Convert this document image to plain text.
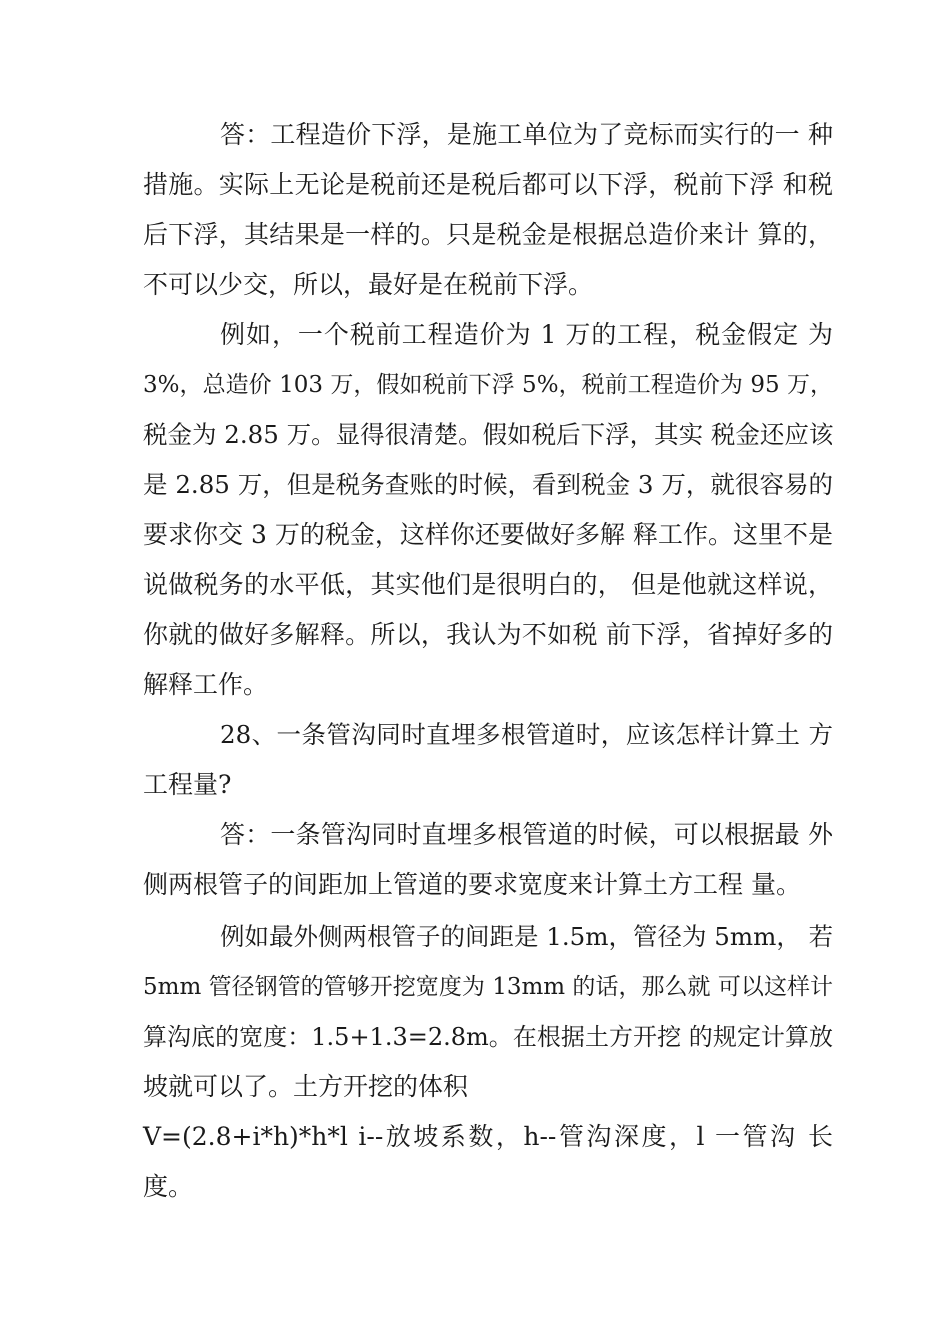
答：工程造价下浮，是施工单位为了竞标而实行的一 种
措施。实际上无论是税前还是税后都可以下浮，税前下浮 和税
后下浮，其结果是一样的。只是税金是根据总造价来计 算的，
不可以少交，所以，最好是在税前下浮。
例如，一个税前工程造价为 1 万的工程，税金假定 为
3%，总造价 103 万，假如税前下浮 5%，税前工程造价为 95 万，
税金为 2.85 万。显得很清楚。假如税后下浮，其实 税金还应该
是 2.85 万，但是税务查账的时候，看到税金 3 万，就很容易的
要求你交 3 万的税金，这样你还要做好多解 释工作。这里不是
说做税务的水平低，其实他们是很明白的， 但是他就这样说，
你就的做好多解释。所以，我认为不如税 前下浮，省掉好多的
解释工作。
28、一条管沟同时直埋多根管道时，应该怎样计算土 方
工程量?
答：一条管沟同时直埋多根管道的时候，可以根据最 外
侧两根管子的间距加上管道的要求宽度来计算土方工程 量。
例如最外侧两根管子的间距是 1.5m，管径为 5mm， 若
5mm 管径钢管的管够开挖宽度为 13mm 的话，那么就 可以这样计
算沟底的宽度：1.5+1.3=2.8m。在根据土方开挖 的规定计算放
坡就可以了。土方开挖的体积
V=(2.8+i*h)*h*l i--放坡系数，h--管沟深度，l 一管沟 长
度。
